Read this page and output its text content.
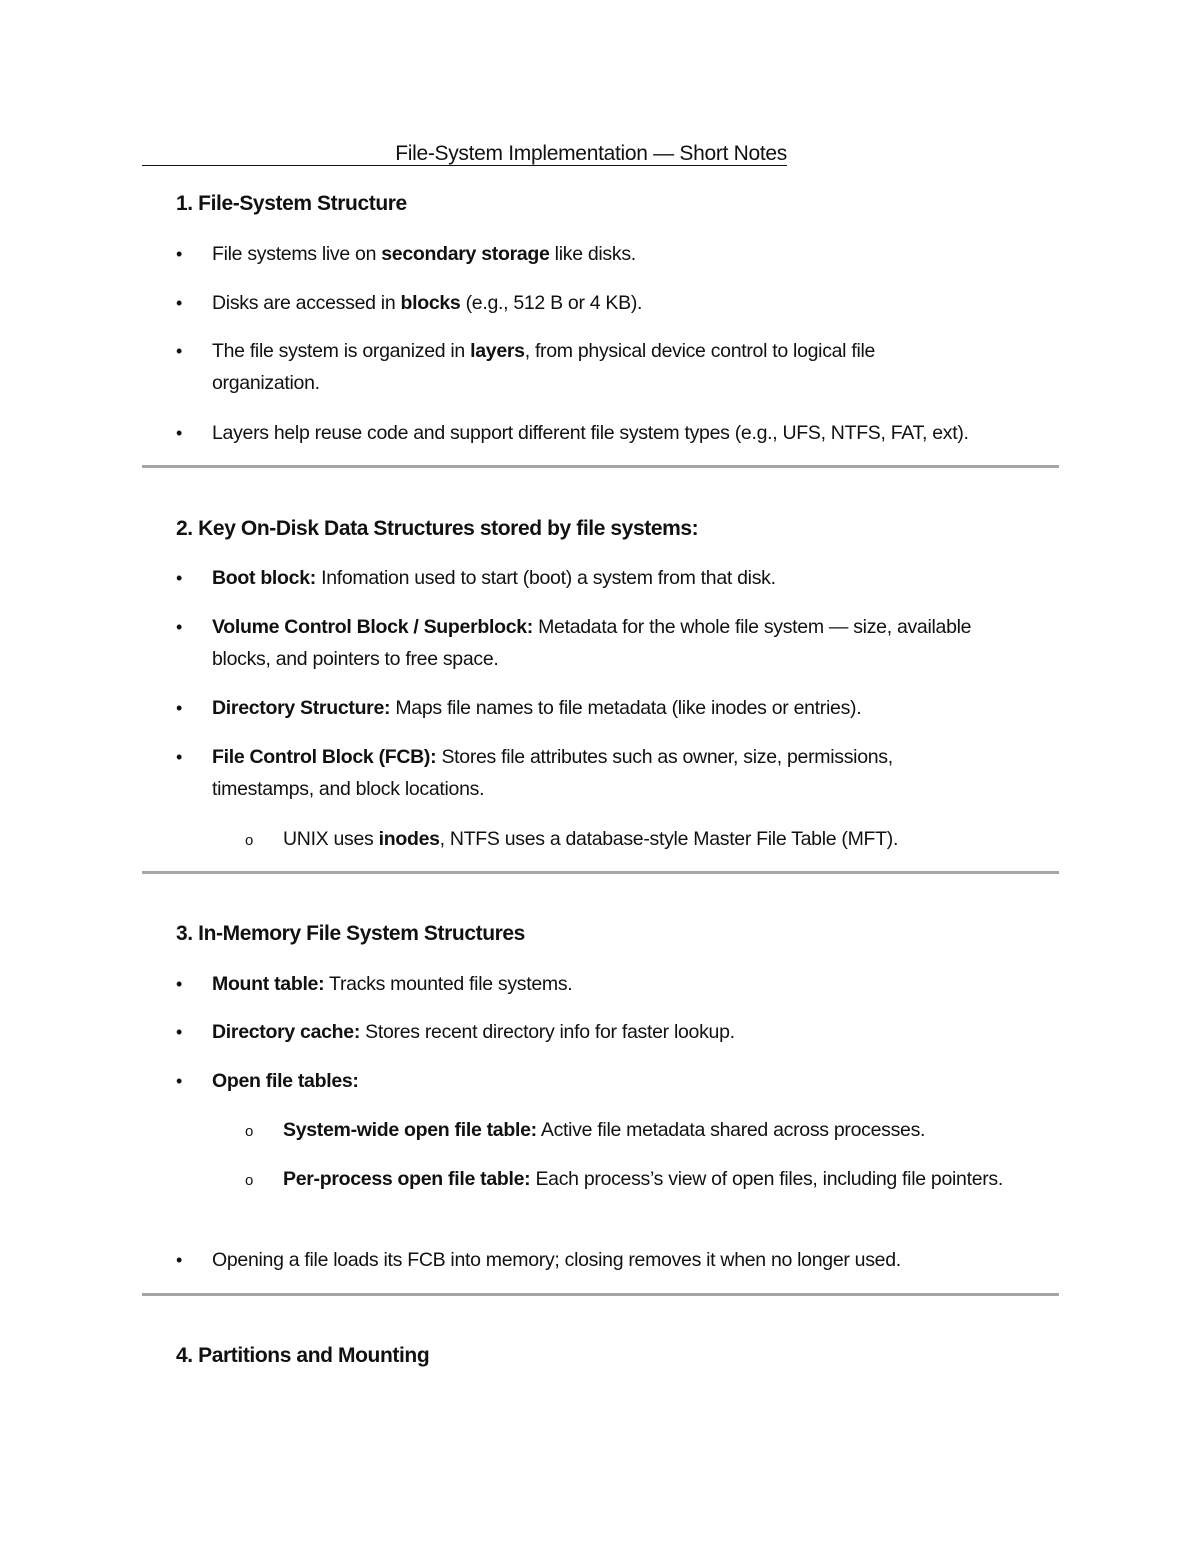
File-System Implementation — Short Notes
1. File-System Structure
•	File systems live on secondary storage like disks.
•	Disks are accessed in blocks (e.g., 512 B or 4 KB).
•	The file system is organized in layers, from physical device control to logical file organization.
•	Layers help reuse code and support different file system types (e.g., UFS, NTFS, FAT, ext).
2. Key On-Disk Data Structures stored by file systems:
•	Boot block: Infomation used to start (boot) a system from that disk.
•	Volume Control Block / Superblock: Metadata for the whole file system — size, available blocks, and pointers to free space.
•	Directory Structure: Maps file names to file metadata (like inodes or entries).
•	File Control Block (FCB): Stores file attributes such as owner, size, permissions, timestamps, and block locations.
o UNIX uses inodes, NTFS uses a database-style Master File Table (MFT).
3. In-Memory File System Structures
•	Mount table: Tracks mounted file systems.
•	Directory cache: Stores recent directory info for faster lookup.
•	Open file tables:
o System-wide open file table: Active file metadata shared across processes.
o Per-process open file table: Each process’s view of open files, including file pointers.
•	Opening a file loads its FCB into memory; closing removes it when no longer used.
4. Partitions and Mounting
